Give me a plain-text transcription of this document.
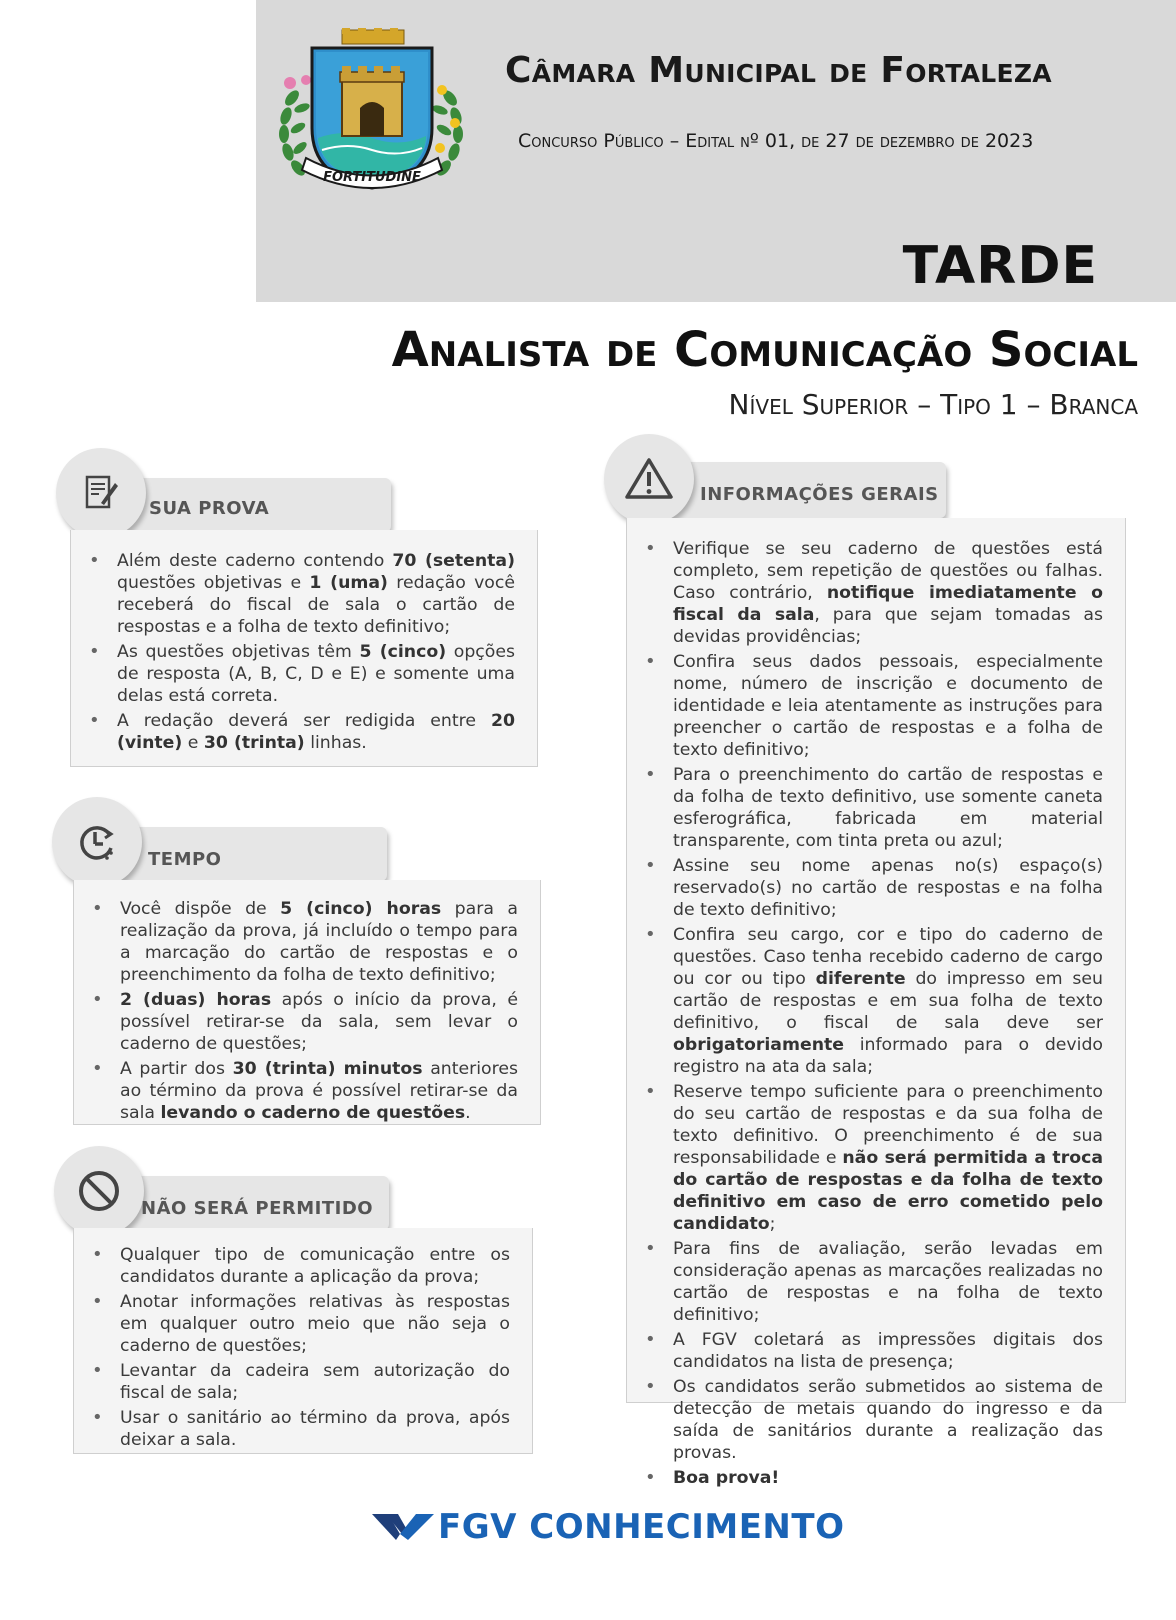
FORTITUDINE
Câmara Municipal de Fortaleza
Concurso Público – Edital nº 01, de 27 de dezembro de 2023
TARDE
Analista de Comunicação Social
Nível Superior – Tipo 1 – Branca
SUA PROVA
• Além deste caderno contendo 70 (setenta) questões objetivas e 1 (uma) redação você receberá do fiscal de sala o cartão de respostas e a folha de texto definitivo;
• As questões objetivas têm 5 (cinco) opções de resposta (A, B, C, D e E) e somente uma delas está correta.
• A redação deverá ser redigida entre 20 (vinte) e 30 (trinta) linhas.
TEMPO
• Você dispõe de 5 (cinco) horas para a realização da prova, já incluído o tempo para a marcação do cartão de respostas e o preenchimento da folha de texto definitivo;
• 2 (duas) horas após o início da prova, é possível retirar-se da sala, sem levar o caderno de questões;
• A partir dos 30 (trinta) minutos anteriores ao término da prova é possível retirar-se da sala levando o caderno de questões.
NÃO SERÁ PERMITIDO
• Qualquer tipo de comunicação entre os candidatos durante a aplicação da prova;
• Anotar informações relativas às respostas em qualquer outro meio que não seja o caderno de questões;
• Levantar da cadeira sem autorização do fiscal de sala;
• Usar o sanitário ao término da prova, após deixar a sala.
INFORMAÇÕES GERAIS
• Verifique se seu caderno de questões está completo, sem repetição de questões ou falhas. Caso contrário, notifique imediatamente o fiscal da sala, para que sejam tomadas as devidas providências;
• Confira seus dados pessoais, especialmente nome, número de inscrição e documento de identidade e leia atentamente as instruções para preencher o cartão de respostas e a folha de texto definitivo;
• Para o preenchimento do cartão de respostas e da folha de texto definitivo, use somente caneta esferográfica, fabricada em material transparente, com tinta preta ou azul;
• Assine seu nome apenas no(s) espaço(s) reservado(s) no cartão de respostas e na folha de texto definitivo;
• Confira seu cargo, cor e tipo do caderno de questões. Caso tenha recebido caderno de cargo ou cor ou tipo diferente do impresso em seu cartão de respostas e em sua folha de texto definitivo, o fiscal de sala deve ser obrigatoriamente informado para o devido registro na ata da sala;
• Reserve tempo suficiente para o preenchimento do seu cartão de respostas e da sua folha de texto definitivo. O preenchimento é de sua responsabilidade e não será permitida a troca do cartão de respostas e da folha de texto definitivo em caso de erro cometido pelo candidato;
• Para fins de avaliação, serão levadas em consideração apenas as marcações realizadas no cartão de respostas e na folha de texto definitivo;
• A FGV coletará as impressões digitais dos candidatos na lista de presença;
• Os candidatos serão submetidos ao sistema de detecção de metais quando do ingresso e da saída de sanitários durante a realização das provas.
• Boa prova!
FGV CONHECIMENTO
